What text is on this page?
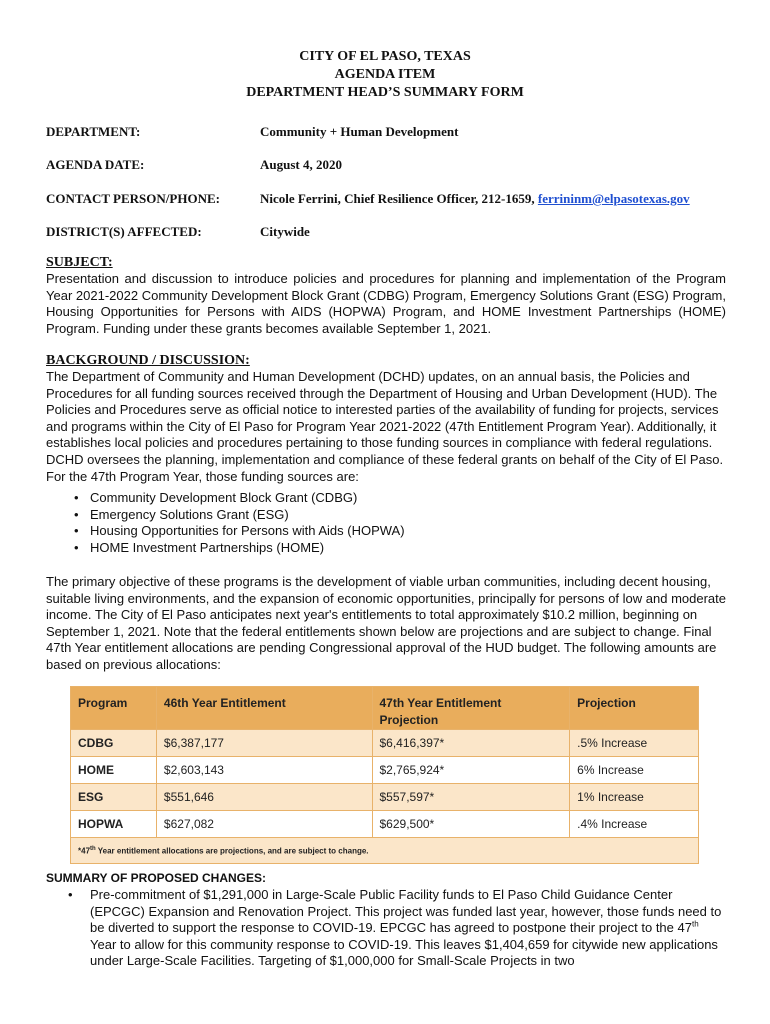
CITY OF EL PASO, TEXAS
AGENDA ITEM
DEPARTMENT HEAD’S SUMMARY FORM
DEPARTMENT:	Community + Human Development
AGENDA DATE:	August 4, 2020
CONTACT PERSON/PHONE:	Nicole Ferrini, Chief Resilience Officer, 212-1659, ferrininm@elpasotexas.gov
DISTRICT(S) AFFECTED:	Citywide
SUBJECT:
Presentation and discussion to introduce policies and procedures for planning and implementation of the Program Year 2021-2022 Community Development Block Grant (CDBG) Program, Emergency Solutions Grant (ESG) Program, Housing Opportunities for Persons with AIDS (HOPWA) Program, and HOME Investment Partnerships (HOME) Program. Funding under these grants becomes available September 1, 2021.
BACKGROUND / DISCUSSION:
The Department of Community and Human Development (DCHD) updates, on an annual basis, the Policies and Procedures for all funding sources received through the Department of Housing and Urban Development (HUD). The Policies and Procedures serve as official notice to interested parties of the availability of funding for projects, services and programs within the City of El Paso for Program Year 2021-2022 (47th Entitlement Program Year). Additionally, it establishes local policies and procedures pertaining to those funding sources in compliance with federal regulations. DCHD oversees the planning, implementation and compliance of these federal grants on behalf of the City of El Paso. For the 47th Program Year, those funding sources are:
• Community Development Block Grant (CDBG)
• Emergency Solutions Grant (ESG)
• Housing Opportunities for Persons with Aids (HOPWA)
• HOME Investment Partnerships (HOME)
The primary objective of these programs is the development of viable urban communities, including decent housing, suitable living environments, and the expansion of economic opportunities, principally for persons of low and moderate income. The City of El Paso anticipates next year's entitlements to total approximately $10.2 million, beginning on September 1, 2021. Note that the federal entitlements shown below are projections and are subject to change. Final 47th Year entitlement allocations are pending Congressional approval of the HUD budget. The following amounts are based on previous allocations:
Program	46th Year Entitlement	47th Year Entitlement Projection	Projection
CDBG	$6,387,177	$6,416,397*	.5% Increase
HOME	$2,603,143	$2,765,924*	6% Increase
ESG	$551,646	$557,597*	1% Increase
HOPWA	$627,082	$629,500*	.4% Increase
*47th Year entitlement allocations are projections, and are subject to change.			
SUMMARY OF PROPOSED CHANGES:
• Pre-commitment of $1,291,000 in Large-Scale Public Facility funds to El Paso Child Guidance Center (EPCGC) Expansion and Renovation Project. This project was funded last year, however, those funds need to be diverted to support the response to COVID-19. EPCGC has agreed to postpone their project to the 47th Year to allow for this community response to COVID-19. This leaves $1,404,659 for citywide new applications under Large-Scale Facilities. Targeting of $1,000,000 for Small-Scale Projects in two
